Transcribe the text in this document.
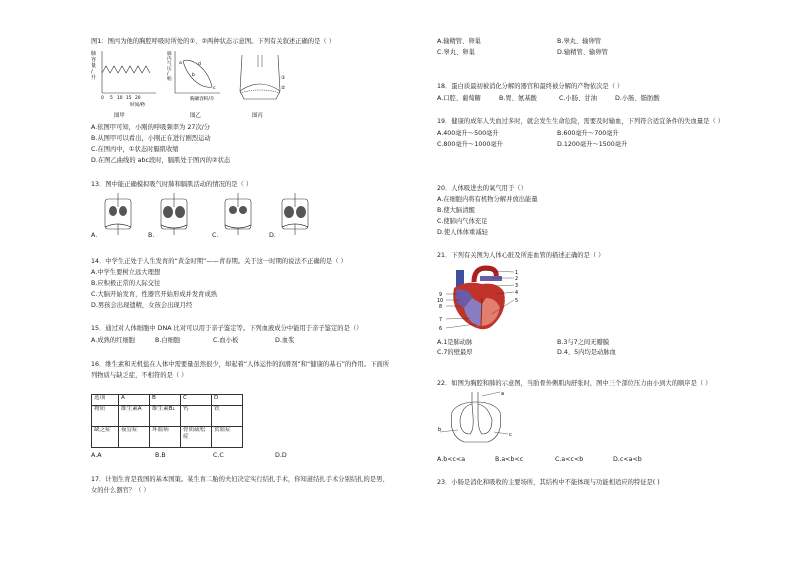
图1：图丙为他的胸腔呼吸时所处的①、②两种状态示意图。下列有关叙述正确的是（ ）
肺
容
量
/
升
0 5 10 15 20
时间/秒
图甲
肺
内
气
压
/
帕
a
b
c
d
胸廓容积/升
图乙
①
②
图丙
A.依图甲可知，小刚的呼吸频率为 27次/分
B.从图甲可以看出，小刚正在进行剧烈运动
C.在图丙中，①状态时膈肌收缩
D.在图乙曲线的 abc段时，膈肌处于图丙的②状态
13．图中能正确模拟吸气时肺和膈肌活动的情况的是（ ）
A.	B.	C.	D.
14．中学生正处于人生发育的“黄金时期”——青春期。关于这一时期的说法不正确的是（ ）
A.中学生要树立远大理想
B.应积极正常的人际交往
C.大脑开始发育，性器官开始形成并发育成熟
D.男孩会出现遗精，女孩会出现月经
15．通过对人体细胞中 DNA 比对可以用于亲子鉴定等。下列血液成分中能用于亲子鉴定的是（）
A.成熟的红细胞	B.白细胞	C.血小板	D.血浆
16．维生素和无机盐在人体中需要量虽然很少，却起着“人体运作的润滑剂”和“健康的基石”的作用。下面所
列物质与缺乏症，不相符的是（ ）
选项	A	B	C	D
物质	维生素A	维生素B₁	钙	铁
缺乏症	夜盲症	坏血病	骨质疏松症	贫血症
A.A	B.B	C.C	D.D
17．计划生育是我国的基本国策。某生育二胎的夫妇决定实行结扎手术，你知道结扎手术分别结扎的是男、
女的什么器官？（ ）
A.输精管、卵巢	B.睾丸、输卵管
C.睾丸、卵巢	D.输精管、输卵管
18．蛋白质最初被消化分解的器官和最终被分解的产物依次是（ ）
A.口腔、葡萄糖	B.胃、氨基酸	C.小肠、甘油	D.小肠、脂肪酸
19．健康的成年人失血过多时，就会发生生命危险，需要及时输血，下列符合适宜条件的失血量是（ ）
A.400毫升～500毫升	B.600毫升～700毫升
C.800毫升～1000毫升	D.1200毫升～1500毫升
20．人体吸进去的氧气用于（）
A.在细胞内将有机物分解并放出能量
B.使大脑清醒
C.使肺内气体充足
D.使人体体重减轻
21．下列有关图为人体心脏及所连血管的描述正确的是（ ）
1
2
3
4
5
9
10
8
7
6
A.1是肺动脉	B.3与7之间无瓣膜
C.7的壁最厚	D.4、5内均是动脉血
22．如图为胸腔和肺的示意图，当肋骨外侧肌肉舒张时，图中三个部位压力由小到大的顺序是（ ）
a
b
c
A.b<c<a	B.a<b<c	C.a<c<b	D.c<a<b
23．小肠是消化和吸收的主要场所，其结构中不能体现与功能相适应的特征是( )
